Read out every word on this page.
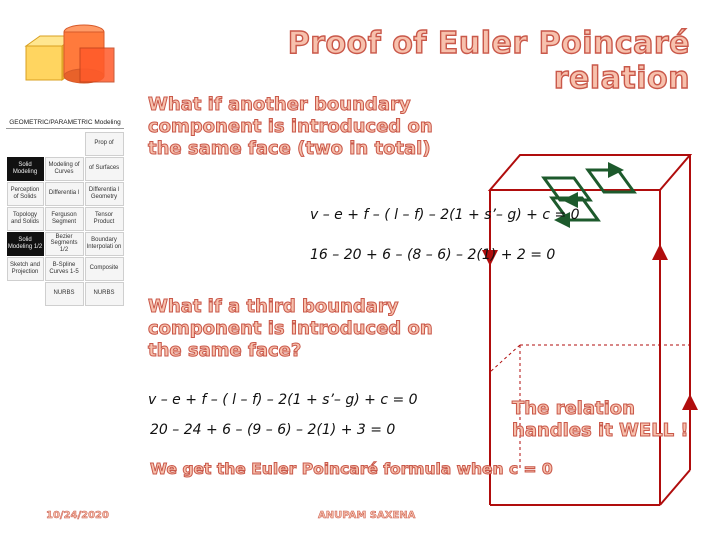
Proof of Euler Poincaré relation
GEOMETRIC/PARAMETRIC Modeling
Prop of
Solid Modeling
Modeling of Curves
of Surfaces
Perception of Solids
Differentia l
Differentia l Geometry
Topology and Solids
Ferguson Segment
Tensor Product
Solid Modeling 1/2
Bezier Segments 1/2
Boundary Interpolati on
Sketch and Projection
B-Spline Curves 1-5
Composite
NURBS	NURBS
What if another boundary component is introduced on the same face (two in total)
v – e + f – ( l – f) – 2(1 + s’– g) + c = 0
16 – 20 + 6 – (8 – 6) – 2(1) + 2 = 0
What if a third boundary component is introduced on the same face?
v – e + f – ( l – f) – 2(1 + s’– g) + c = 0
20 – 24 + 6 – (9 – 6) – 2(1) + 3 = 0
The relation handles it WELL !
We get the Euler Poincaré formula when c = 0
10/24/2020	ANUPAM SAXENA
